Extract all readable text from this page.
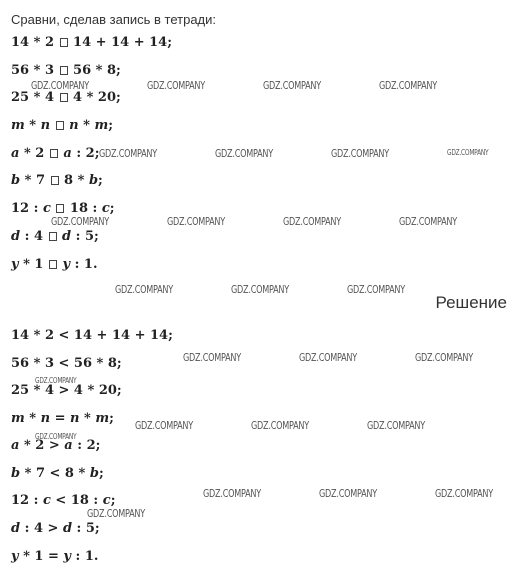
Сравни, сделав запись в тетради:
14 * 2  14 + 14 + 14;
56 * 3  56 * 8;
25 * 4  4 * 20;
m * n n * m;
a * 2  a : 2;
b * 7  8 * b;
12 : c  18 : c;
d : 4  d : 5;
y * 1  y : 1.
Решение
14 * 2 < 14 + 14 + 14;
56 * 3 < 56 * 8;
25 * 4 > 4 * 20;
m * n = n * m;
a * 2 > a : 2;
b * 7 < 8 * b;
12 : c < 18 : c;
d : 4 > d : 5;
y * 1 = y : 1.
GDZ.COMPANY	GDZ.COMPANY	GDZ.COMPANY	GDZ.COMPANY
GDZ.COMPANY	GDZ.COMPANY	GDZ.COMPANY	GDZ.COMPANY
GDZ.COMPANY	GDZ.COMPANY	GDZ.COMPANY	GDZ.COMPANY
GDZ.COMPANY	GDZ.COMPANY	GDZ.COMPANY
GDZ.COMPANY	GDZ.COMPANY	GDZ.COMPANY
GDZ.COMPANY
GDZ.COMPANY	GDZ.COMPANY	GDZ.COMPANY
GDZ.COMPANY
GDZ.COMPANY	GDZ.COMPANY	GDZ.COMPANY
GDZ.COMPANY
